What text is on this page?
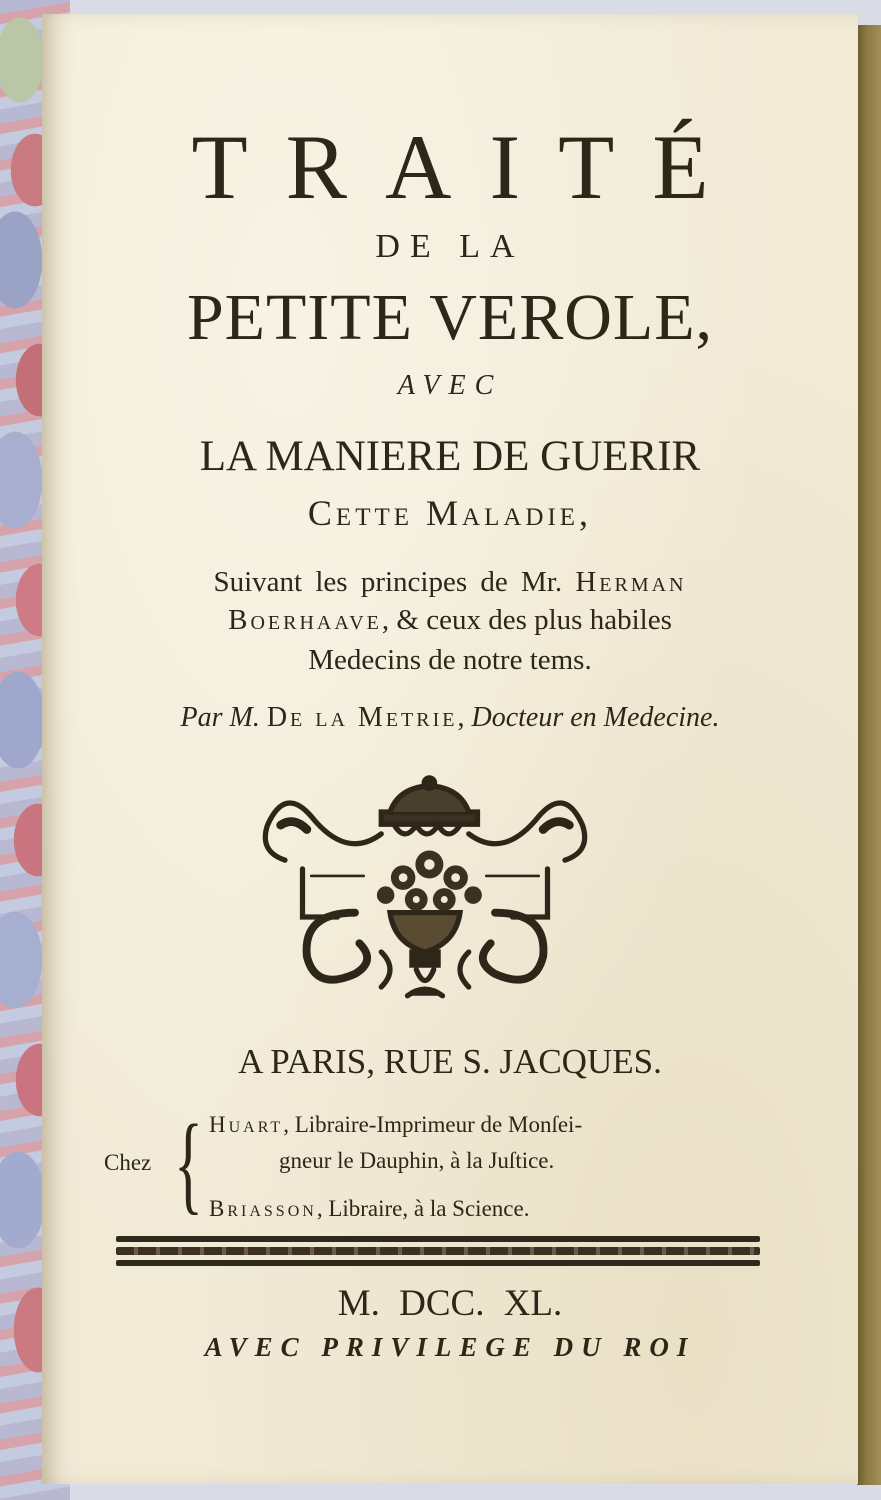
TRAITÉ
DE LA
PETITE VEROLE,
AVEC
LA MANIERE DE GUERIR
Cette Maladie,
Suivant les principes de Mr. Herman
Boerhaave, & ceux des plus habiles
Medecins de notre tems.
Par M. De la Metrie, Docteur en Medecine.
A PARIS, RUE S. JACQUES.
Chez { Huart, Libraire-Imprimeur de Monſei-
gneur le Dauphin, à la Juſtice.
Briasson, Libraire, à la Science.
M. DCC. XL.
AVEC PRIVILEGE DU ROI
